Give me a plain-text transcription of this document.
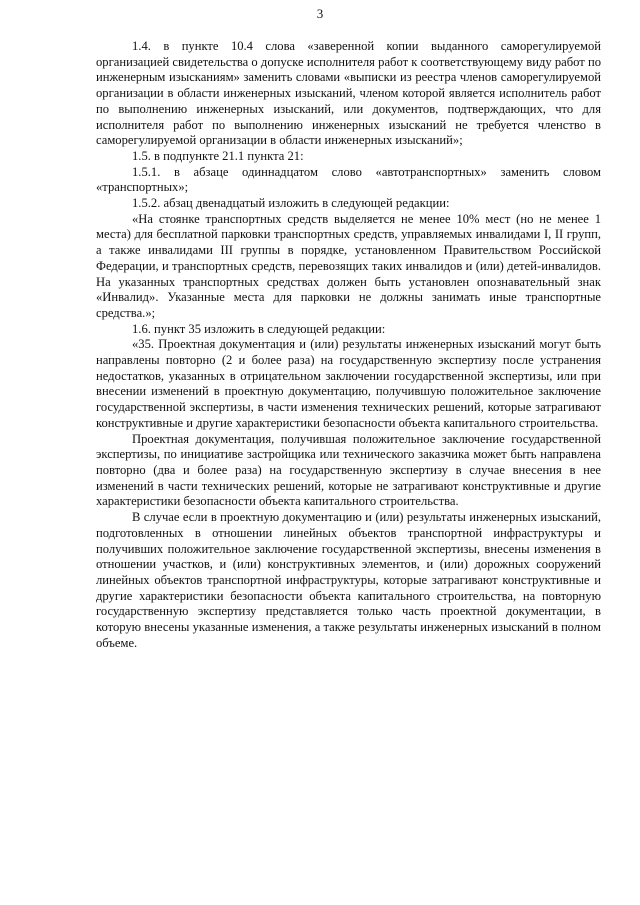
3

1.4. в пункте 10.4 слова «заверенной копии выданного саморегулируемой организацией свидетельства о допуске исполнителя работ к соответствующему виду работ по инженерным изысканиям» заменить словами «выписки из реестра членов саморегулируемой организации в области инженерных изысканий, членом которой является исполнитель работ по выполнению инженерных изысканий, или документов, подтверждающих, что для исполнителя работ по выполнению инженерных изысканий не требуется членство в саморегулируемой организации в области инженерных изысканий»;

1.5. в подпункте 21.1 пункта 21:

1.5.1. в абзаце одиннадцатом слово «автотранспортных» заменить словом «транспортных»;

1.5.2. абзац двенадцатый изложить в следующей редакции:

«На стоянке транспортных средств выделяется не менее 10% мест (но не менее 1 места) для бесплатной парковки транспортных средств, управляемых инвалидами I, II групп, а также инвалидами III группы в порядке, установленном Правительством Российской Федерации, и транспортных средств, перевозящих таких инвалидов и (или) детей-инвалидов. На указанных транспортных средствах должен быть установлен опознавательный знак «Инвалид». Указанные места для парковки не должны занимать иные транспортные средства.»;

1.6. пункт 35 изложить в следующей редакции:

«35. Проектная документация и (или) результаты инженерных изысканий могут быть направлены повторно (2 и более раза) на государственную экспертизу после устранения недостатков, указанных в отрицательном заключении государственной экспертизы, или при внесении изменений в проектную документацию, получившую положительное заключение государственной экспертизы, в части изменения технических решений, которые затрагивают конструктивные и другие характеристики безопасности объекта капитального строительства.

Проектная документация, получившая положительное заключение государственной экспертизы, по инициативе застройщика или технического заказчика может быть направлена повторно (два и более раза) на государственную экспертизу в случае внесения в нее изменений в части технических решений, которые не затрагивают конструктивные и другие характеристики безопасности объекта капитального строительства.

В случае если в проектную документацию и (или) результаты инженерных изысканий, подготовленных в отношении линейных объектов транспортной инфраструктуры и получивших положительное заключение государственной экспертизы, внесены изменения в отношении участков, и (или) конструктивных элементов, и (или) дорожных сооружений линейных объектов транспортной инфраструктуры, которые затрагивают конструктивные и другие характеристики безопасности объекта капитального строительства, на повторную государственную экспертизу представляется только часть проектной документации, в которую внесены указанные изменения, а также результаты инженерных изысканий в полном объеме.
